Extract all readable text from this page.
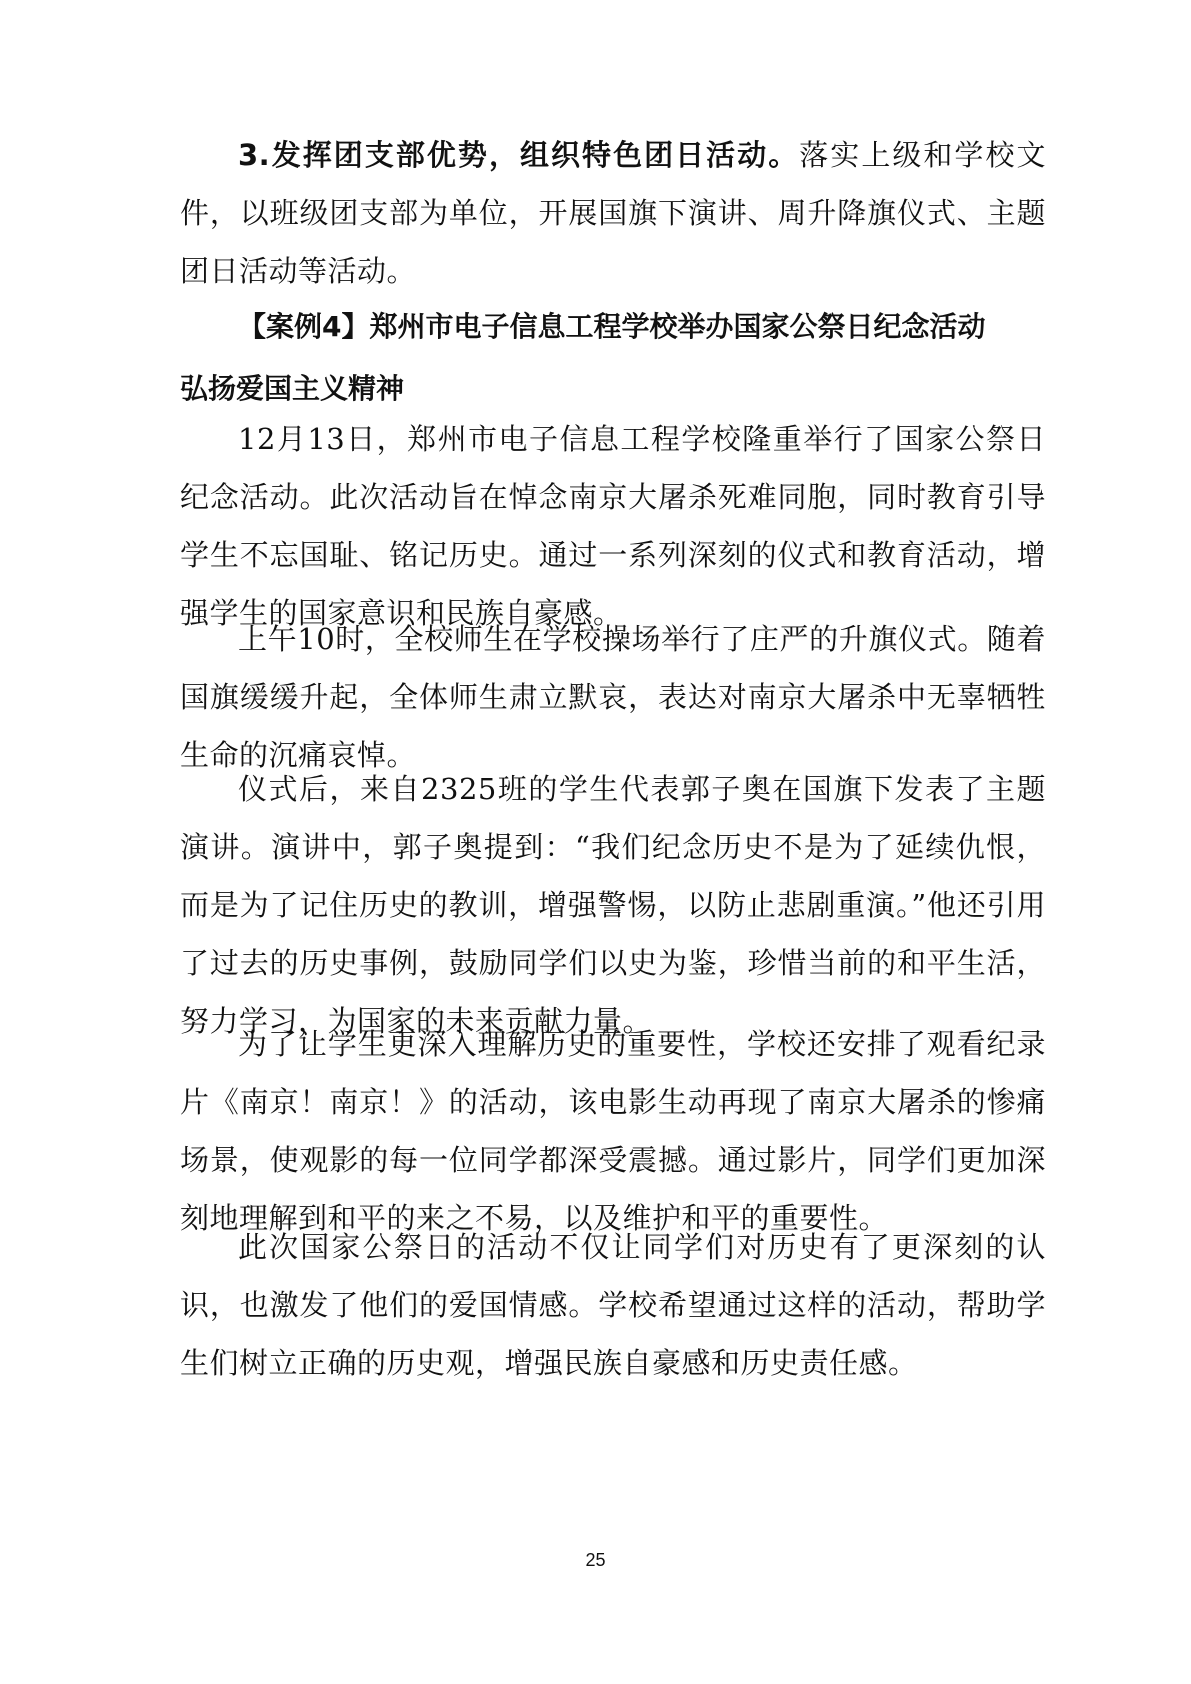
3.发挥团支部优势，组织特色团日活动。落实上级和学校文件，以班级团支部为单位，开展国旗下演讲、周升降旗仪式、主题团日活动等活动。

【案例4】郑州市电子信息工程学校举办国家公祭日纪念活动
弘扬爱国主义精神

12月13日，郑州市电子信息工程学校隆重举行了国家公祭日纪念活动。此次活动旨在悼念南京大屠杀死难同胞，同时教育引导学生不忘国耻、铭记历史。通过一系列深刻的仪式和教育活动，增强学生的国家意识和民族自豪感。

上午10时，全校师生在学校操场举行了庄严的升旗仪式。随着国旗缓缓升起，全体师生肃立默哀，表达对南京大屠杀中无辜牺牲生命的沉痛哀悼。

仪式后，来自2325班的学生代表郭子奥在国旗下发表了主题演讲。演讲中，郭子奥提到：“我们纪念历史不是为了延续仇恨，而是为了记住历史的教训，增强警惕，以防止悲剧重演。”他还引用了过去的历史事例，鼓励同学们以史为鉴，珍惜当前的和平生活，努力学习，为国家的未来贡献力量。

为了让学生更深入理解历史的重要性，学校还安排了观看纪录片《南京！南京！》的活动，该电影生动再现了南京大屠杀的惨痛场景，使观影的每一位同学都深受震撼。通过影片，同学们更加深刻地理解到和平的来之不易，以及维护和平的重要性。

此次国家公祭日的活动不仅让同学们对历史有了更深刻的认识，也激发了他们的爱国情感。学校希望通过这样的活动，帮助学生们树立正确的历史观，增强民族自豪感和历史责任感。

25
